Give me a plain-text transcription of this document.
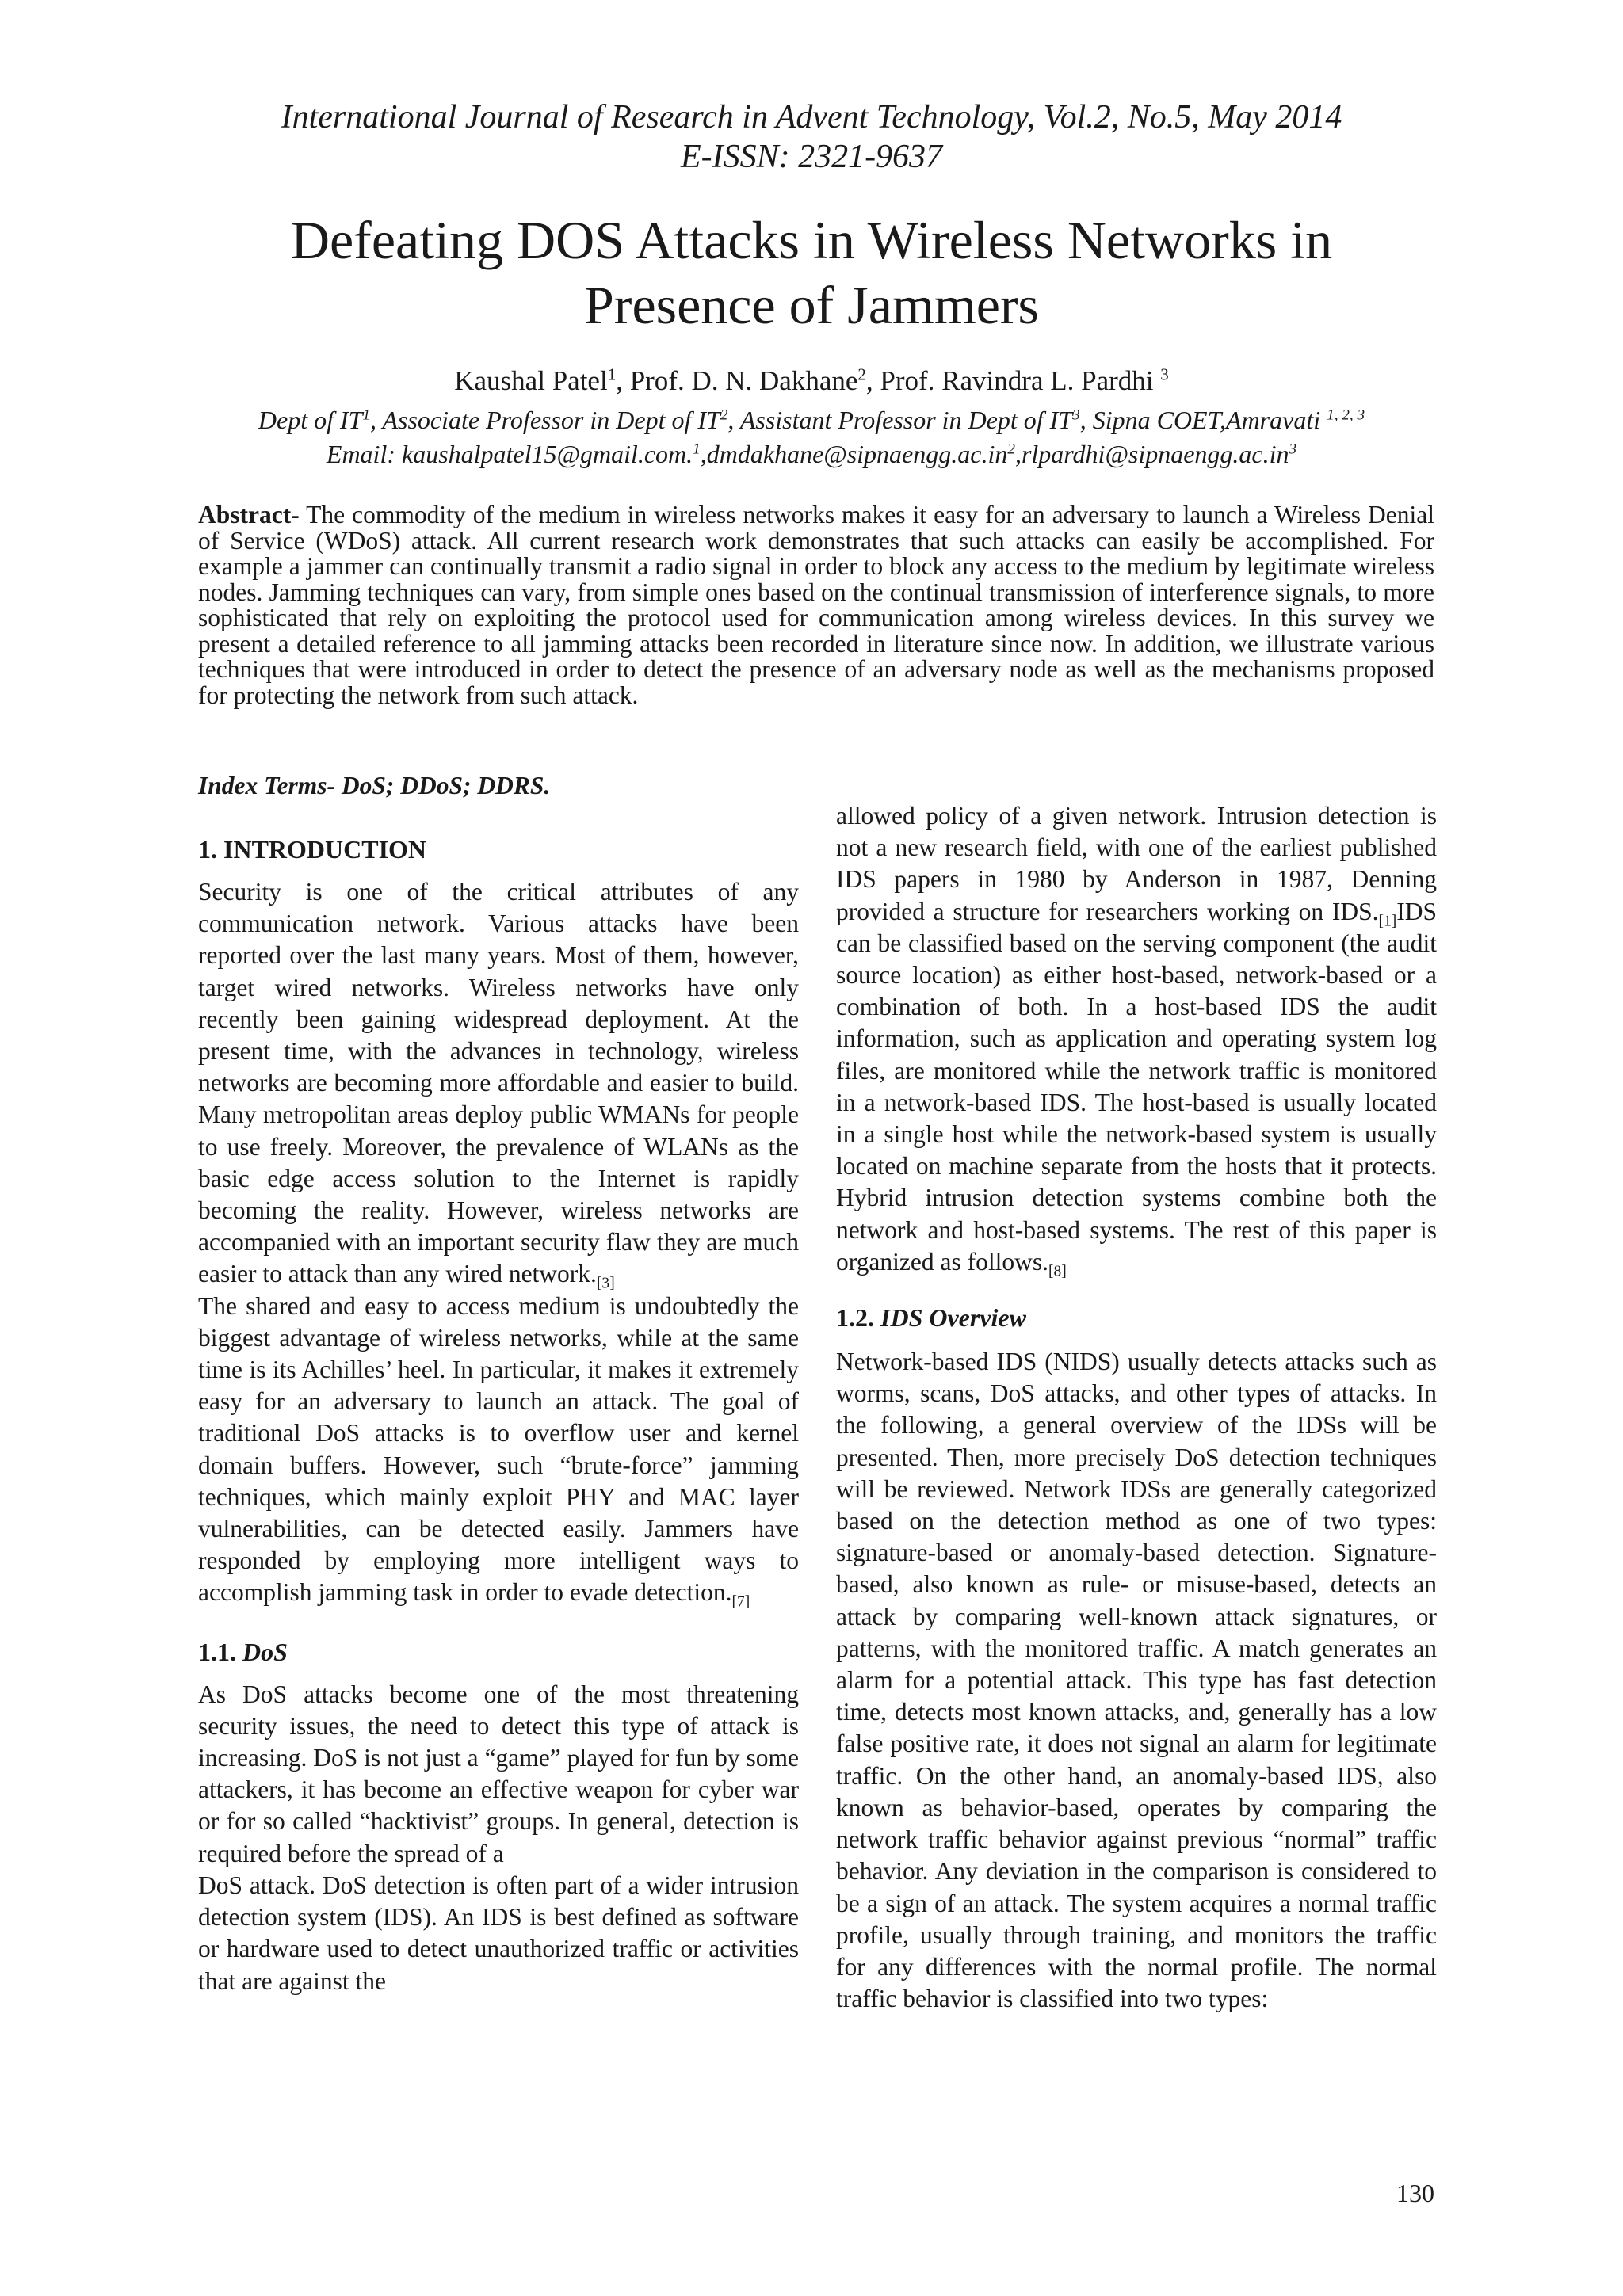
International Journal of Research in Advent Technology, Vol.2, No.5, May 2014
E-ISSN: 2321-9637
Defeating DOS Attacks in Wireless Networks in
Presence of Jammers
Kaushal Patel$^1$, Prof. D. N. Dakhane$^2$, Prof. Ravindra L. Pardhi $^3$
Dept of $IT^1$, Associate Professor in Dept of $IT^2$, Assistant Professor in Dept of $IT^3$, Sipna COET,Amravati $^{1, 2, 3}$
Email: $kaushalpatel15@gmail.com.^1,dmdakhane@sipnaengg.ac.in^2,rlpardhi@sipnaengg.ac.in^3$

Abstract- The commodity of the medium in wireless networks makes it easy for an adversary to launch a Wireless Denial of Service (WDoS) attack. All current research work demonstrates that such attacks can easily be accomplished. For example a jammer can continually transmit a radio signal in order to block any access to the medium by legitimate wireless nodes. Jamming techniques can vary, from simple ones based on the continual transmission of interference signals, to more sophisticated that rely on exploiting the protocol used for communication among wireless devices. In this survey we present a detailed reference to all jamming attacks been recorded in literature since now. In addition, we illustrate various techniques that were introduced in order to detect the presence of an adversary node as well as the mechanisms proposed for protecting the network from such attack.

Index Terms- DoS; DDoS; DDRS.

1. INTRODUCTION

Security is one of the critical attributes of any communication network. Various attacks have been reported over the last many years. Most of them, however, target wired networks. Wireless networks have only recently been gaining widespread deployment. At the present time, with the advances in technology, wireless networks are becoming more affordable and easier to build. Many metropolitan areas deploy public WMANs for people to use freely. Moreover, the prevalence of WLANs as the basic edge access solution to the Internet is rapidly becoming the reality. However, wireless networks are accompanied with an important security flaw they are much easier to attack than any wired $network._{[3]}$

The shared and easy to access medium is undoubtedly the biggest advantage of wireless networks, while at the same time is its Achilles’ heel. In particular, it makes it extremely easy for an adversary to launch an attack. The goal of traditional DoS attacks is to overflow user and kernel domain buffers. However, such “brute-force” jamming techniques, which mainly exploit PHY and MAC layer vulnerabilities, can be detected easily. Jammers have responded by employing more intelligent ways to accomplish jamming task in order to evade $detection._{[7]}$

1.1. DoS

As DoS attacks become one of the most threatening security issues, the need to detect this type of attack is increasing. DoS is not just a “game” played for fun by some attackers, it has become an effective weapon for cyber war or for so called “hacktivist” groups. In general, detection is required before the spread of a

DoS attack. DoS detection is often part of a wider intrusion detection system (IDS). An IDS is best defined as software or hardware used to detect unauthorized traffic or activities that are against the

allowed policy of a given network. Intrusion detection is not a new research field, with one of the earliest published IDS papers in 1980 by Anderson in 1987, Denning provided a structure for researchers working on $IDS._{[1]}IDS$ can be classified based on the serving component (the audit source location) as either host-based, network-based or a combination of both. In a host-based IDS the audit information, such as application and operating system log files, are monitored while the network traffic is monitored in a network-based IDS. The host-based is usually located in a single host while the network-based system is usually located on machine separate from the hosts that it protects. Hybrid intrusion detection systems combine both the network and host-based systems. The rest of this paper is organized as $follows._{[8]}$

1.2. IDS Overview

Network-based IDS (NIDS) usually detects attacks such as worms, scans, DoS attacks, and other types of attacks. In the following, a general overview of the IDSs will be presented. Then, more precisely DoS detection techniques will be reviewed. Network IDSs are generally categorized based on the detection method as one of two types: signature-based or anomaly-based detection. Signature-based, also known as rule- or misuse-based, detects an attack by comparing well-known attack signatures, or patterns, with the monitored traffic. A match generates an alarm for a potential attack. This type has fast detection time, detects most known attacks, and, generally has a low false positive rate, it does not signal an alarm for legitimate traffic. On the other hand, an anomaly-based IDS, also known as behavior-based, operates by comparing the network traffic behavior against previous “normal” traffic behavior. Any deviation in the comparison is considered to be a sign of an attack. The system acquires a normal traffic profile, usually through training, and monitors the traffic for any differences with the normal profile. The normal traffic behavior is classified into two types:

130
